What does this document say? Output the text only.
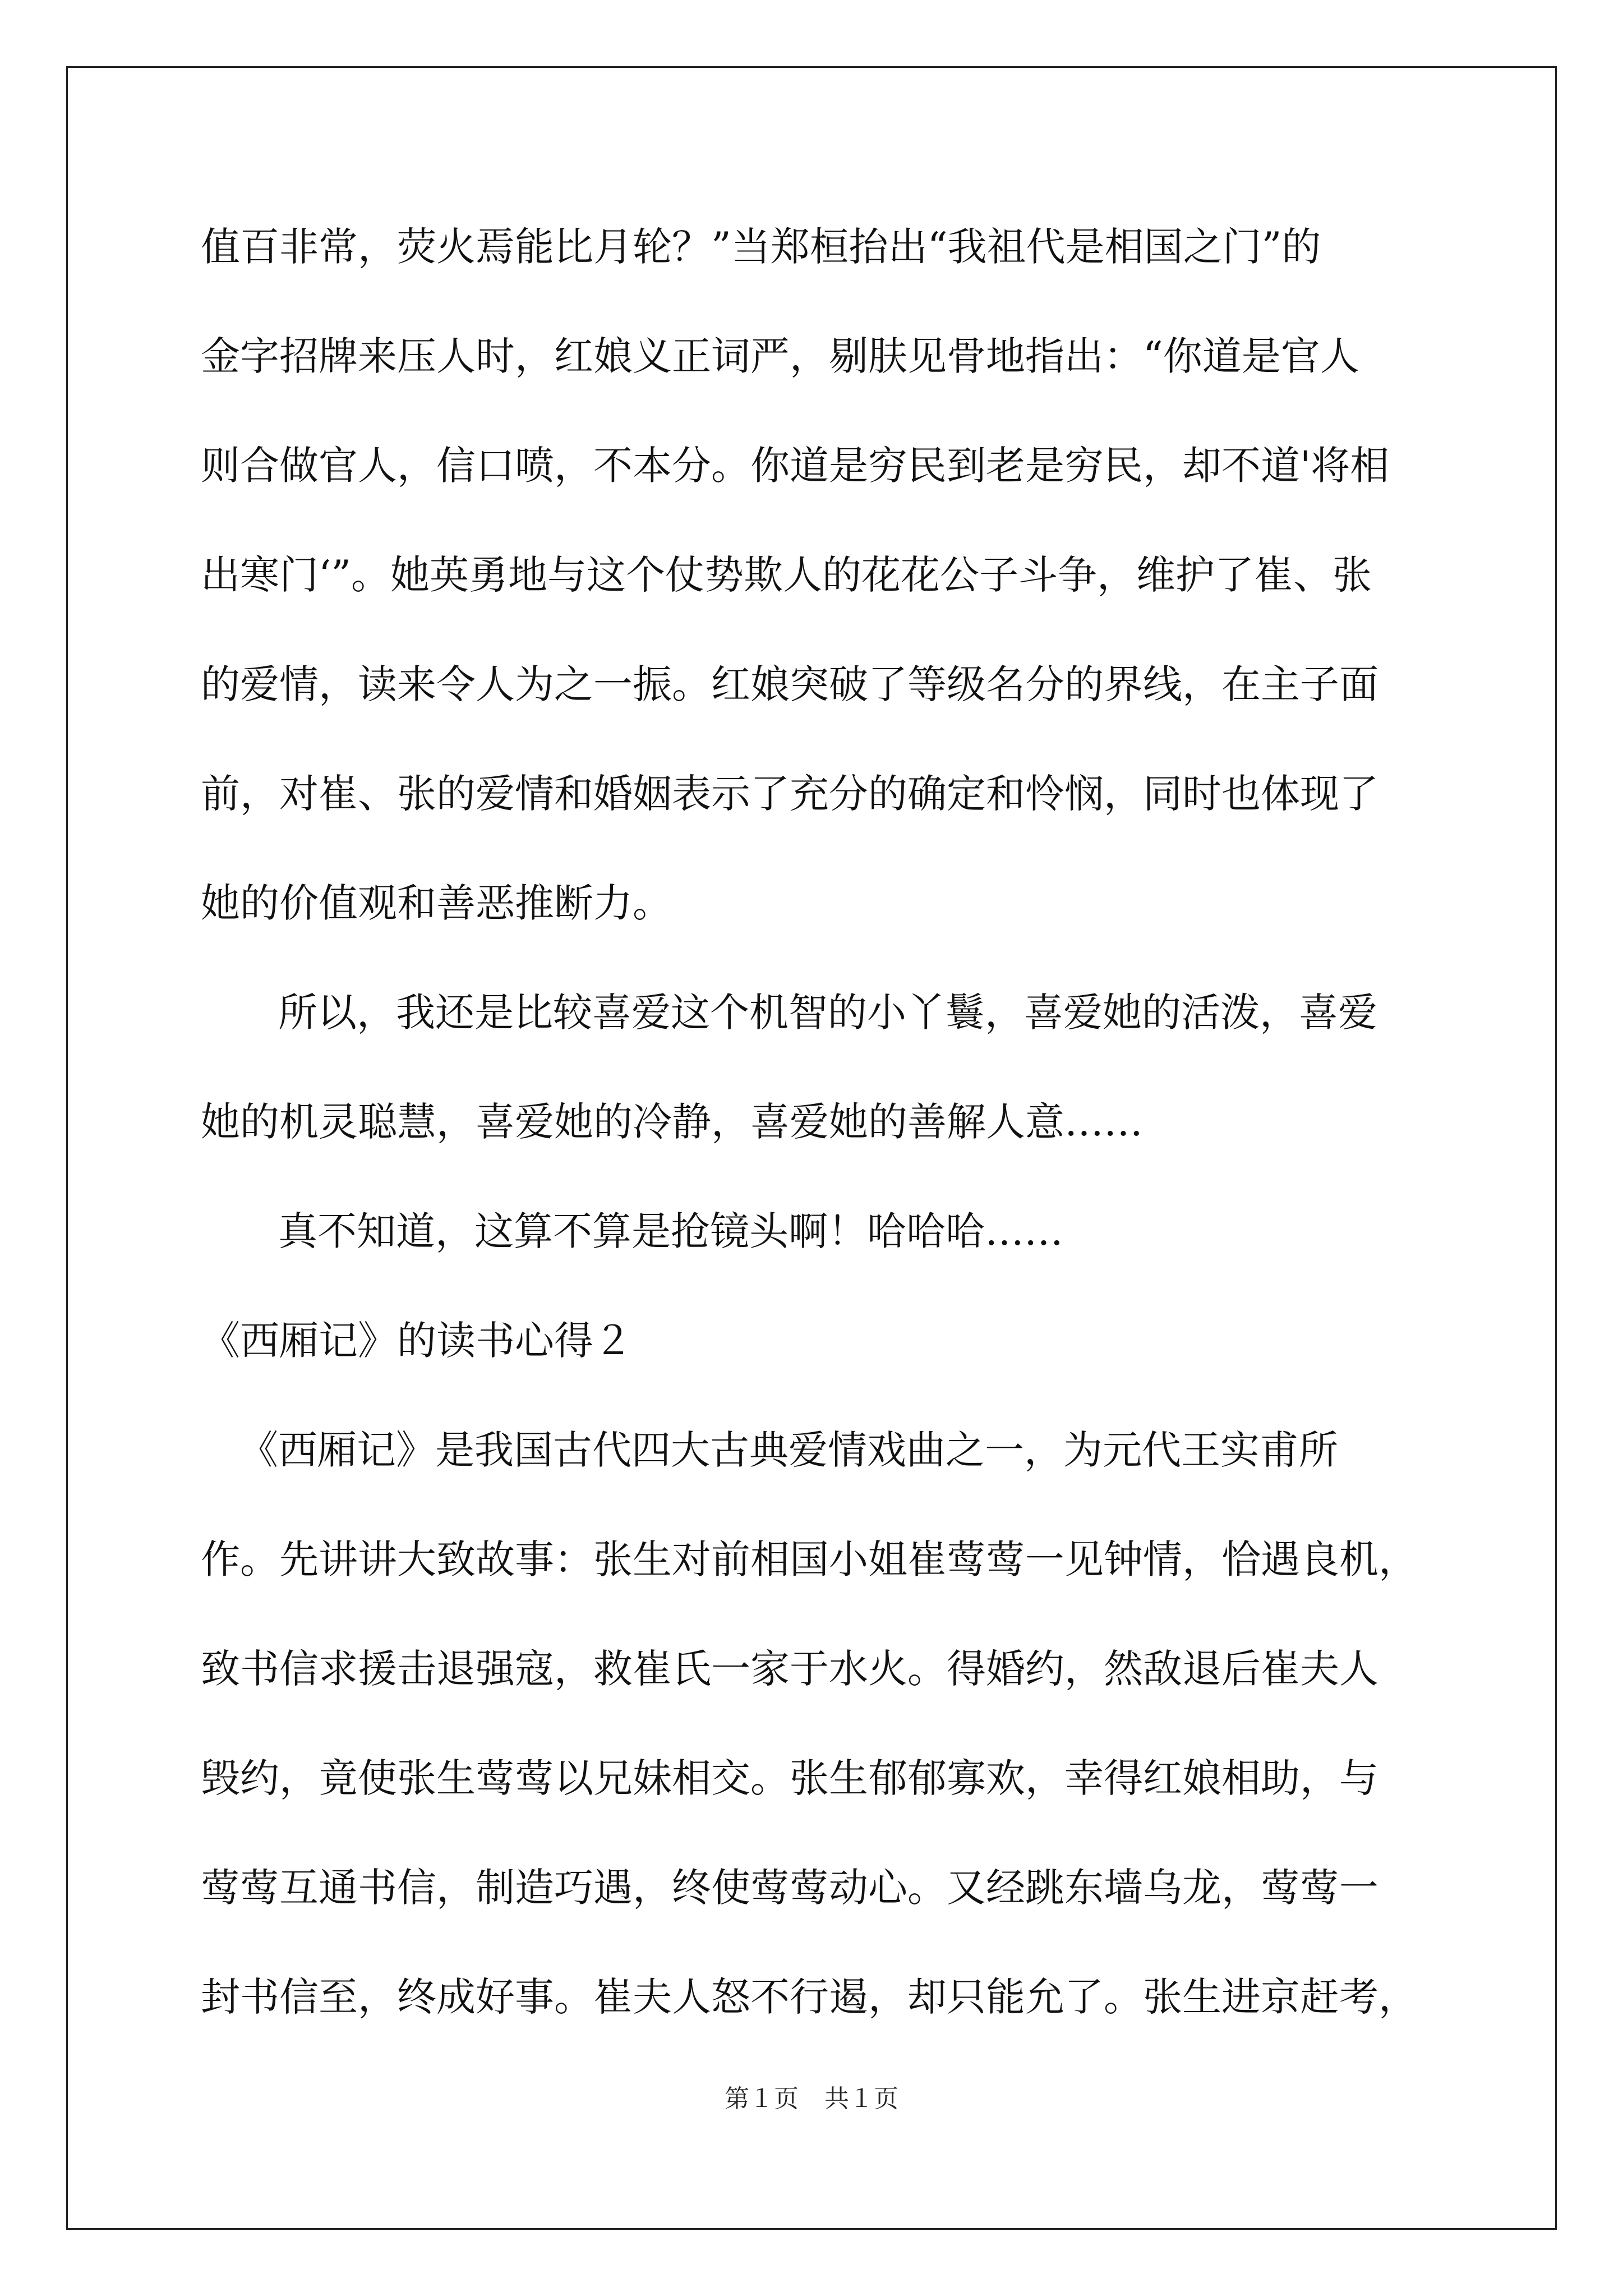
值百非常，荧火焉能比月轮？”当郑桓抬出“我祖代是相国之门”的
金字招牌来压人时，红娘义正词严，剔肤见骨地指出：“你道是官人
则合做官人，信口喷，不本分。你道是穷民到老是穷民，却不道'将相
出寒门‘”。她英勇地与这个仗势欺人的花花公子斗争，维护了崔、张
的爱情，读来令人为之一振。红娘突破了等级名分的界线，在主子面
前，对崔、张的爱情和婚姻表示了充分的确定和怜悯，同时也体现了
她的价值观和善恶推断力。
所以，我还是比较喜爱这个机智的小丫鬟，喜爱她的活泼，喜爱
她的机灵聪慧，喜爱她的冷静，喜爱她的善解人意……
真不知道，这算不算是抢镜头啊！哈哈哈……
《西厢记》的读书心得２
《西厢记》是我国古代四大古典爱情戏曲之一，为元代王实甫所
作。先讲讲大致故事：张生对前相国小姐崔莺莺一见钟情，恰遇良机，
致书信求援击退强寇，救崔氏一家于水火。得婚约，然敌退后崔夫人
毁约，竟使张生莺莺以兄妹相交。张生郁郁寡欢，幸得红娘相助，与
莺莺互通书信，制造巧遇，终使莺莺动心。又经跳东墙乌龙，莺莺一
封书信至，终成好事。崔夫人怒不行遏，却只能允了。张生进京赶考，
第１页 共１页
